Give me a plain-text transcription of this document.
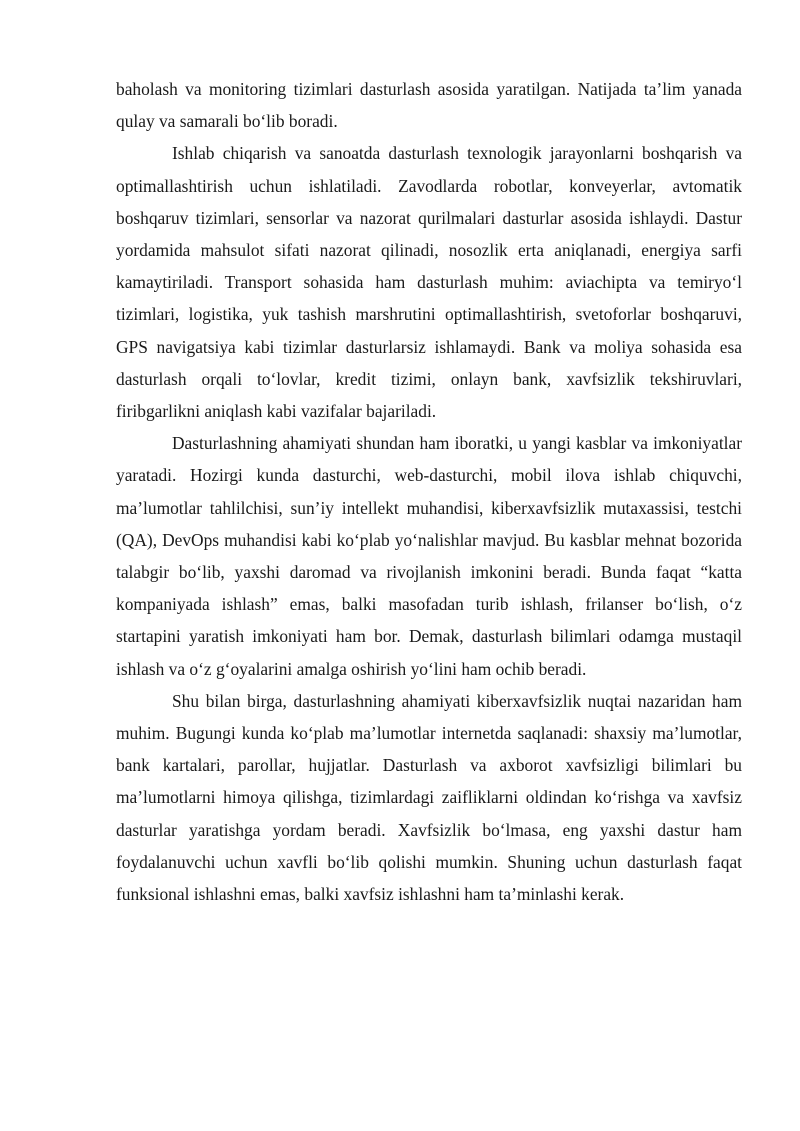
baholash va monitoring tizimlari dasturlash asosida yaratilgan. Natijada ta’lim yanada qulay va samarali bo‘lib boradi.

Ishlab chiqarish va sanoatda dasturlash texnologik jarayonlarni boshqarish va optimallashtirish uchun ishlatiladi. Zavodlarda robotlar, konveyerlar, avtomatik boshqaruv tizimlari, sensorlar va nazorat qurilmalari dasturlar asosida ishlaydi. Dastur yordamida mahsulot sifati nazorat qilinadi, nosozlik erta aniqlanadi, energiya sarfi kamaytiriladi. Transport sohasida ham dasturlash muhim: aviachipta va temiryo‘l tizimlari, logistika, yuk tashish marshrutini optimallashtirish, svetoforlar boshqaruvi, GPS navigatsiya kabi tizimlar dasturlarsiz ishlamaydi. Bank va moliya sohasida esa dasturlash orqali to‘lovlar, kredit tizimi, onlayn bank, xavfsizlik tekshiruvlari, firibgarlikni aniqlash kabi vazifalar bajariladi.

Dasturlashning ahamiyati shundan ham iboratki, u yangi kasblar va imkoniyatlar yaratadi. Hozirgi kunda dasturchi, web-dasturchi, mobil ilova ishlab chiquvchi, ma’lumotlar tahlilchisi, sun’iy intellekt muhandisi, kiberxavfsizlik mutaxassisi, testchi (QA), DevOps muhandisi kabi ko‘plab yo‘nalishlar mavjud. Bu kasblar mehnat bozorida talabgir bo‘lib, yaxshi daromad va rivojlanish imkonini beradi. Bunda faqat “katta kompaniyada ishlash” emas, balki masofadan turib ishlash, frilanser bo‘lish, o‘z startapini yaratish imkoniyati ham bor. Demak, dasturlash bilimlari odamga mustaqil ishlash va o‘z g‘oyalarini amalga oshirish yo‘lini ham ochib beradi.

Shu bilan birga, dasturlashning ahamiyati kiberxavfsizlik nuqtai nazaridan ham muhim. Bugungi kunda ko‘plab ma’lumotlar internetda saqlanadi: shaxsiy ma’lumotlar, bank kartalari, parollar, hujjatlar. Dasturlash va axborot xavfsizligi bilimlari bu ma’lumotlarni himoya qilishga, tizimlardagi zaifliklarni oldindan ko‘rishga va xavfsiz dasturlar yaratishga yordam beradi. Xavfsizlik bo‘lmasa, eng yaxshi dastur ham foydalanuvchi uchun xavfli bo‘lib qolishi mumkin. Shuning uchun dasturlash faqat funksional ishlashni emas, balki xavfsiz ishlashni ham ta’minlashi kerak.
